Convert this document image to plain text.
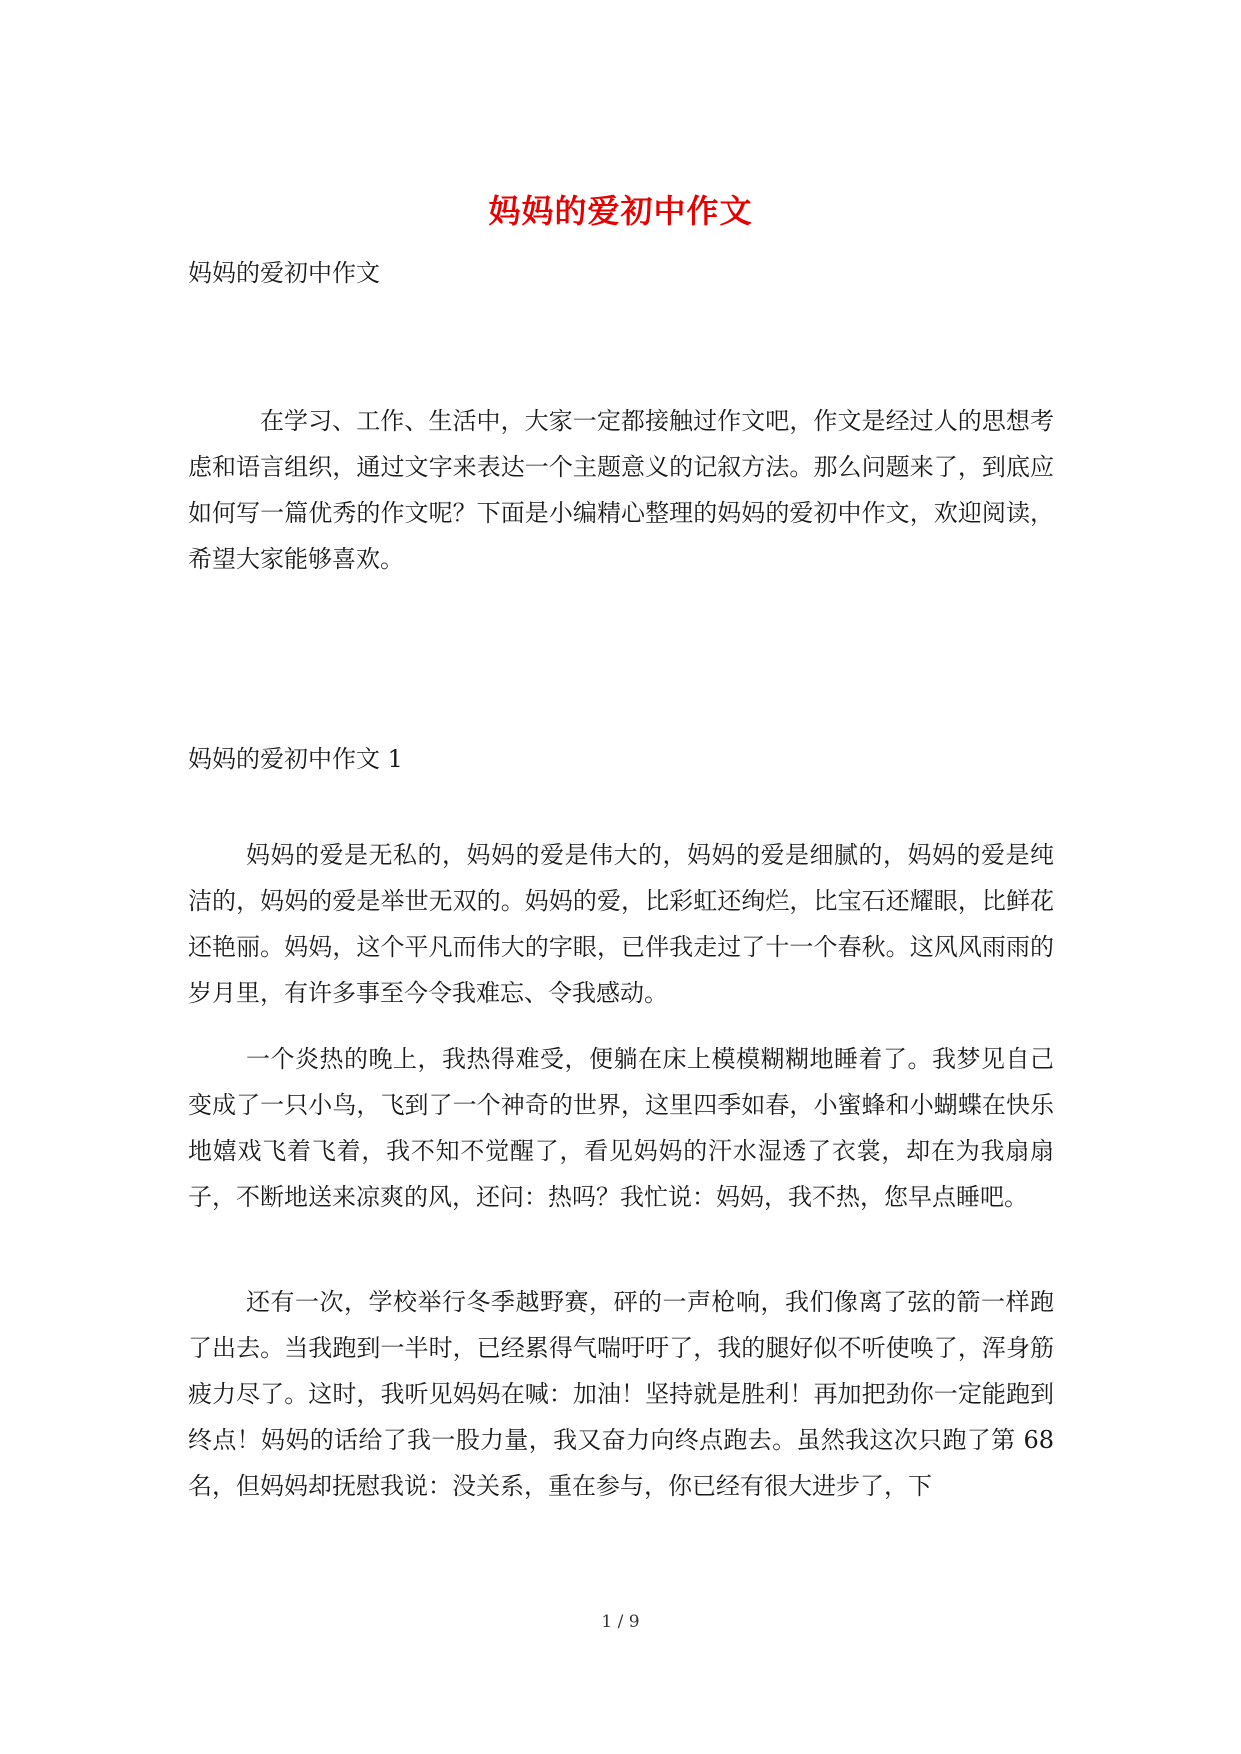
妈妈的爱初中作文
妈妈的爱初中作文

在学习、工作、生活中，大家一定都接触过作文吧，作文是经过人的思想考虑和语言组织，通过文字来表达一个主题意义的记叙方法。那么问题来了，到底应如何写一篇优秀的作文呢？下面是小编精心整理的妈妈的爱初中作文，欢迎阅读，希望大家能够喜欢。

妈妈的爱初中作文 1

妈妈的爱是无私的，妈妈的爱是伟大的，妈妈的爱是细腻的，妈妈的爱是纯洁的，妈妈的爱是举世无双的。妈妈的爱，比彩虹还绚烂，比宝石还耀眼，比鲜花还艳丽。妈妈，这个平凡而伟大的字眼，已伴我走过了十一个春秋。这风风雨雨的岁月里，有许多事至今令我难忘、令我感动。

一个炎热的晚上，我热得难受，便躺在床上模模糊糊地睡着了。我梦见自己变成了一只小鸟，飞到了一个神奇的世界，这里四季如春，小蜜蜂和小蝴蝶在快乐地嬉戏飞着飞着，我不知不觉醒了，看见妈妈的汗水湿透了衣裳，却在为我扇扇子，不断地送来凉爽的风，还问：热吗？我忙说：妈妈，我不热，您早点睡吧。

还有一次，学校举行冬季越野赛，砰的一声枪响，我们像离了弦的箭一样跑了出去。当我跑到一半时，已经累得气喘吁吁了，我的腿好似不听使唤了，浑身筋疲力尽了。这时，我听见妈妈在喊：加油！坚持就是胜利！再加把劲你一定能跑到终点！妈妈的话给了我一股力量，我又奋力向终点跑去。虽然我这次只跑了第 68 名，但妈妈却抚慰我说：没关系，重在参与，你已经有很大进步了，下

1 / 9
